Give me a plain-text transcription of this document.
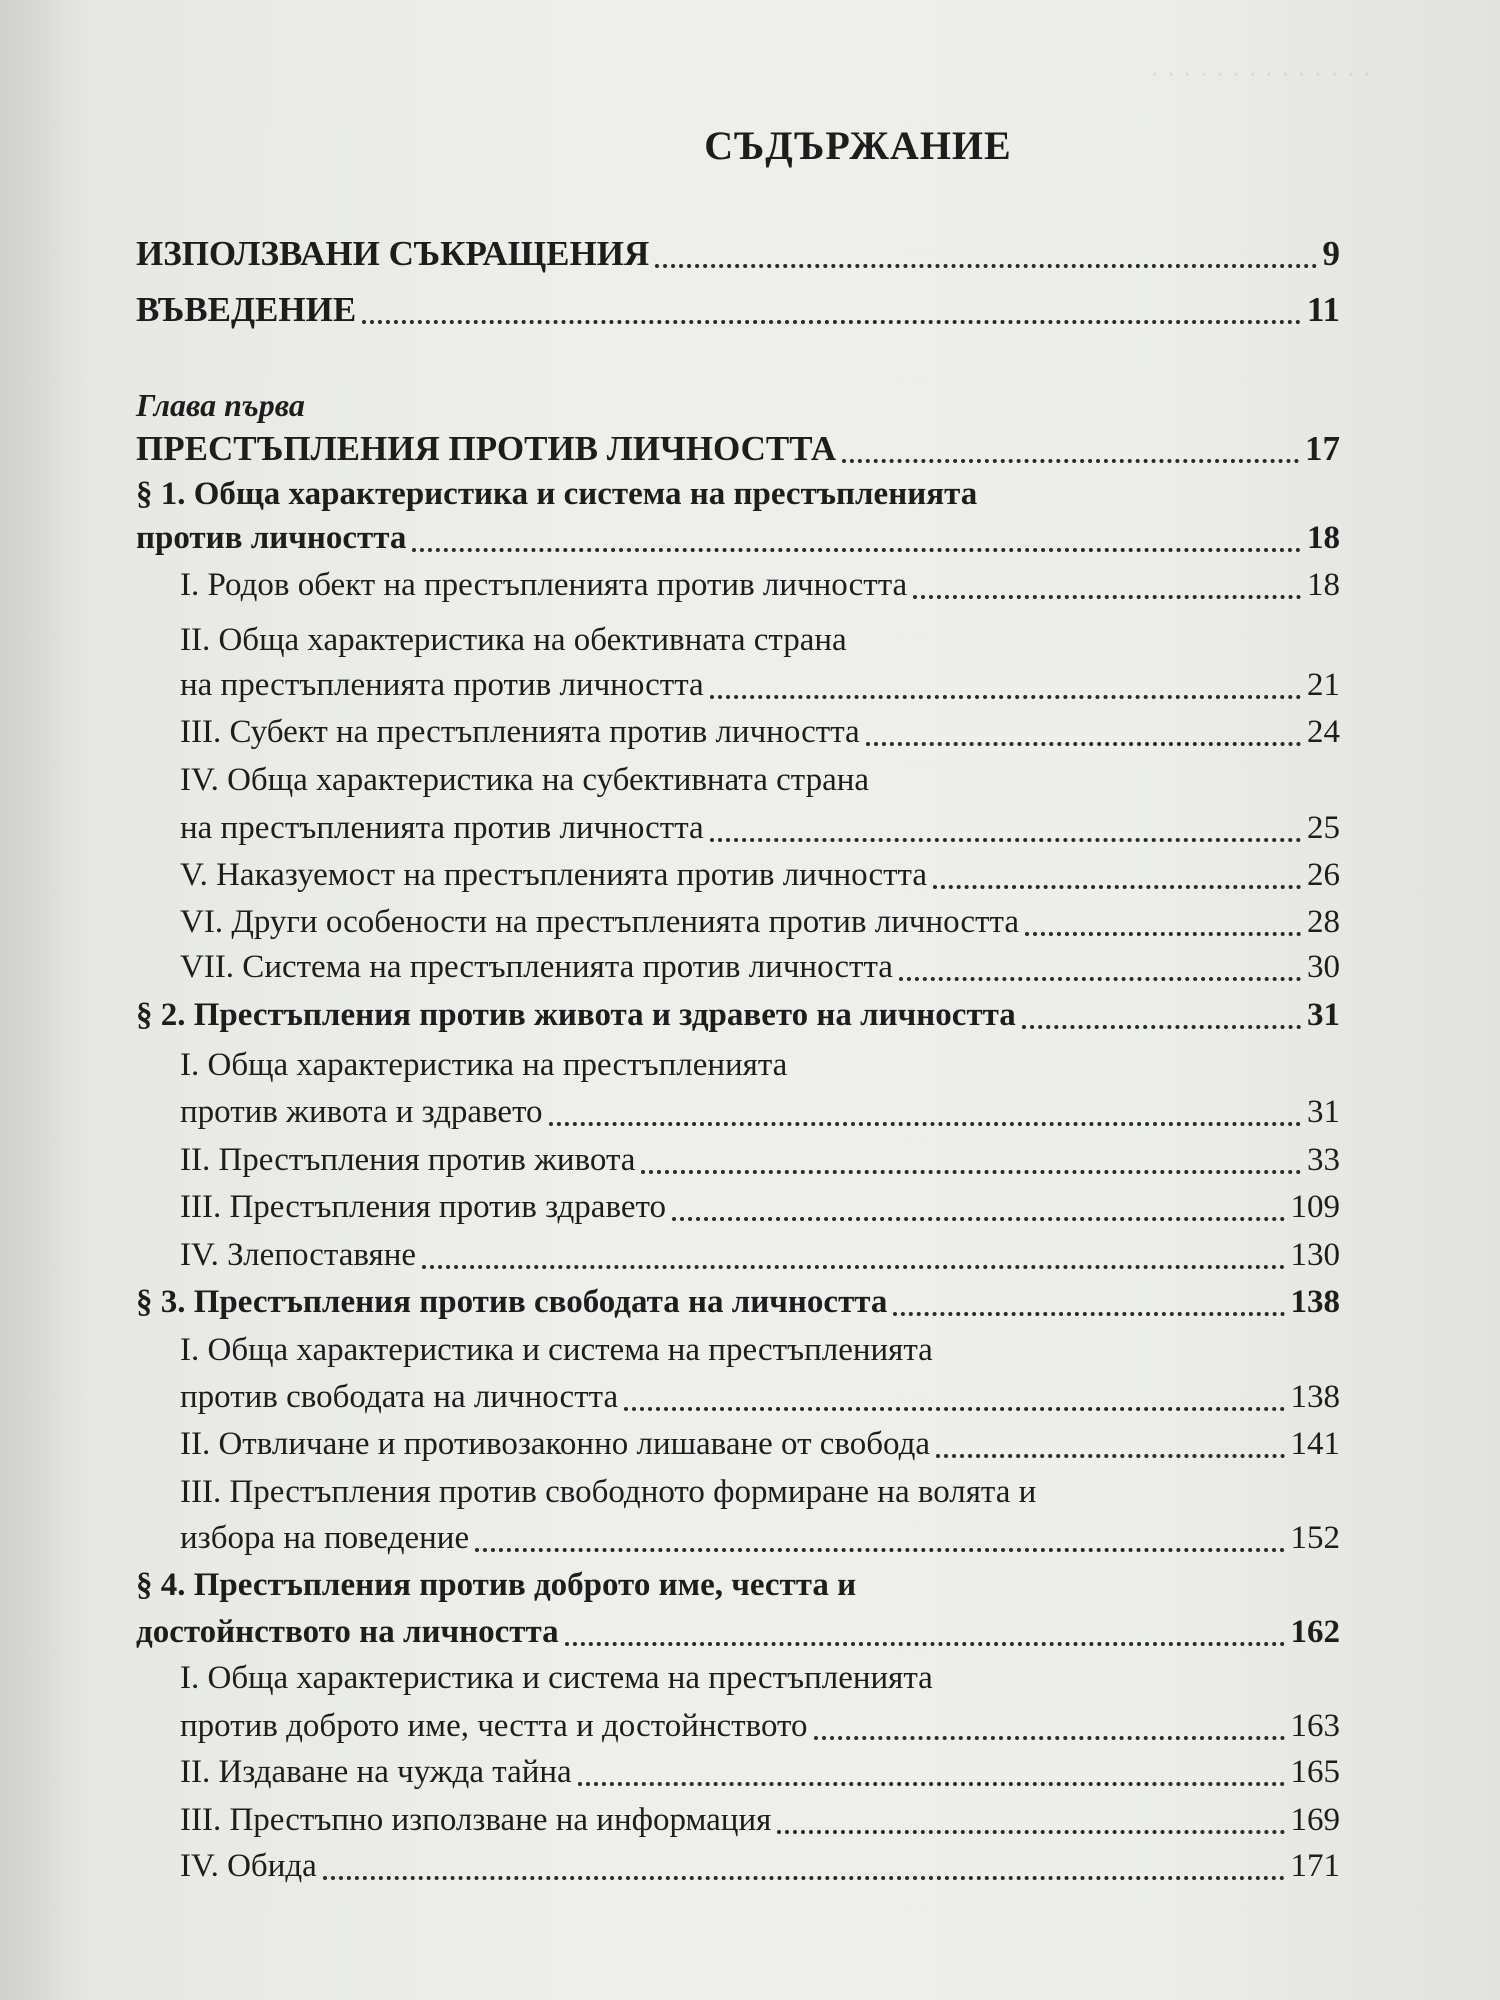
· · · · · · · · · · · · · ·
СЪДЪРЖАНИЕ
ИЗПОЛЗВАНИ СЪКРАЩЕНИЯ	9
ВЪВЕДЕНИЕ	11
Глава първа
ПРЕСТЪПЛЕНИЯ ПРОТИВ ЛИЧНОСТТА	17
§ 1. Обща характеристика и система на престъпленията
против личността	18
I. Родов обект на престъпленията против личността	18
II. Обща характеристика на обективната страна
на престъпленията против личността	21
III. Субект на престъпленията против личността	24
IV. Обща характеристика на субективната страна
на престъпленията против личността	25
V. Наказуемост на престъпленията против личността	26
VI. Други особености на престъпленията против личността	28
VII. Система на престъпленията против личността	30
§ 2. Престъпления против живота и здравето на личността	31
I. Обща характеристика на престъпленията
против живота и здравето	31
II. Престъпления против живота	33
III. Престъпления против здравето	109
IV. Злепоставяне	130
§ 3. Престъпления против свободата на личността	138
I. Обща характеристика и система на престъпленията
против свободата на личността	138
II. Отвличане и противозаконно лишаване от свобода	141
III. Престъпления против свободното формиране на волята и
избора на поведение	152
§ 4. Престъпления против доброто име, честта и
достойнството на личността	162
I. Обща характеристика и система на престъпленията
против доброто име, честта и достойнството	163
II. Издаване на чужда тайна	165
III. Престъпно използване на информация	169
IV. Обида	171
